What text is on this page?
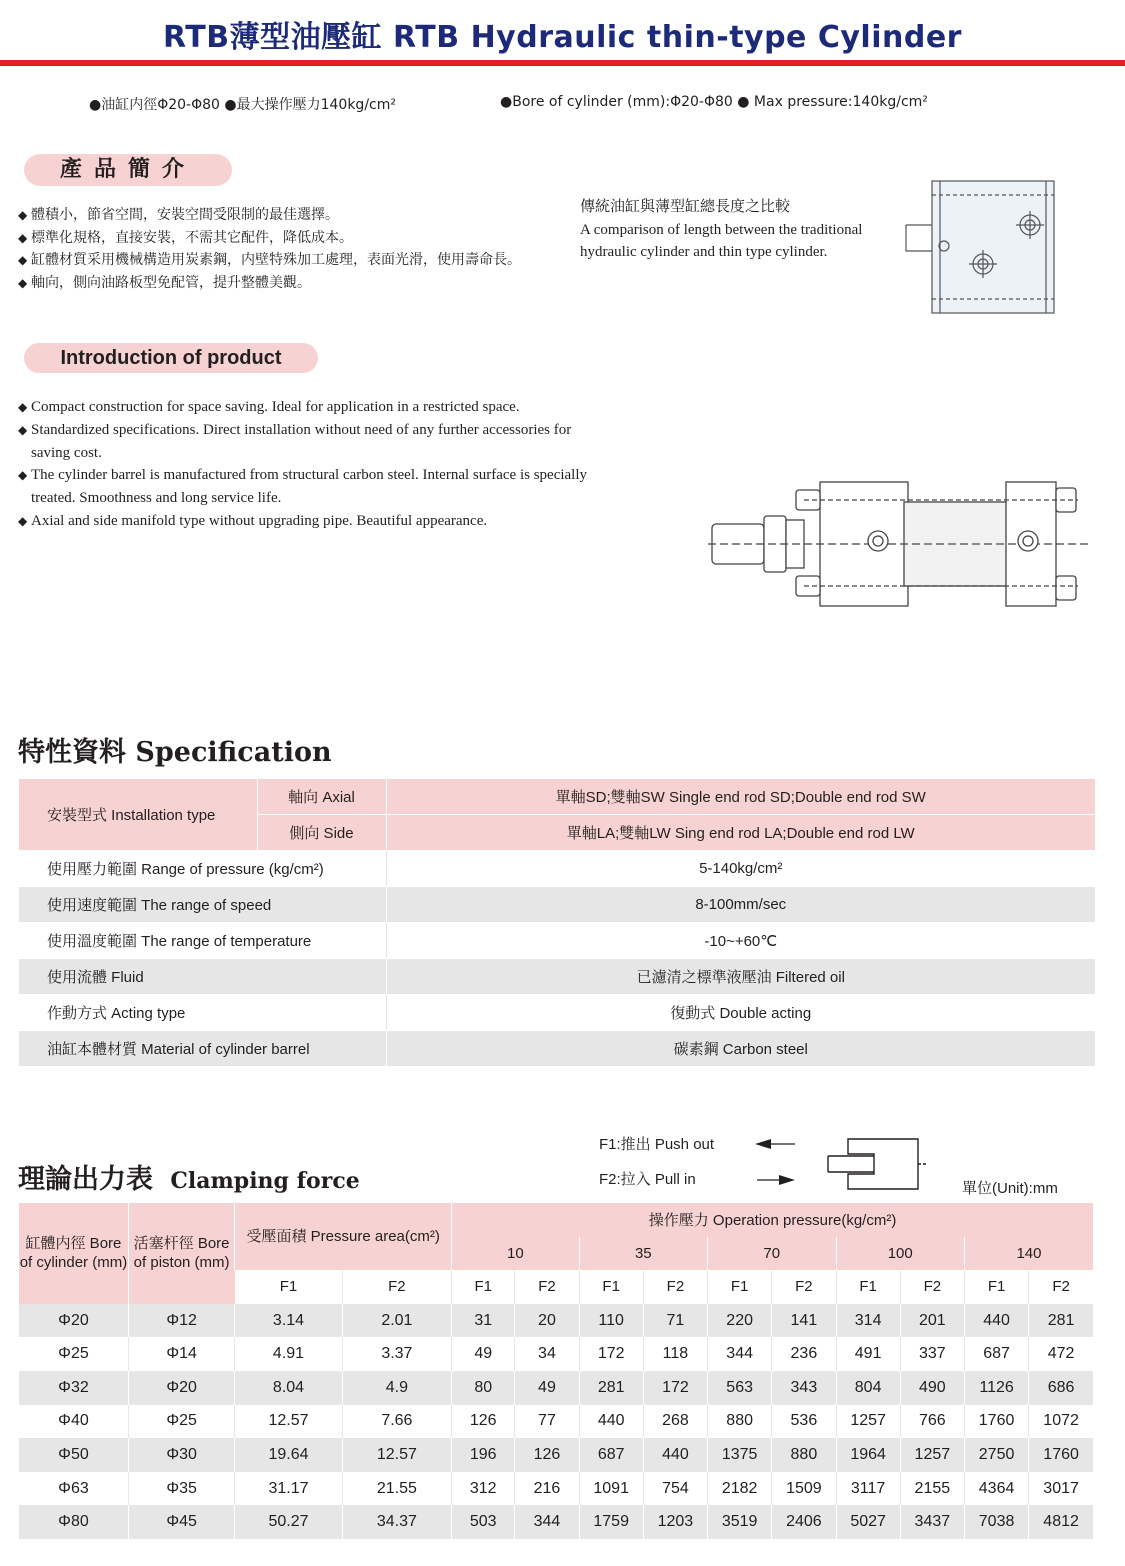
RTB薄型油壓缸 RTB Hydraulic thin-type Cylinder
●油缸内徑Φ20-Φ80 ●最大操作壓力140kg/cm²	●Bore of cylinder (mm):Φ20-Φ80 ● Max pressure:140kg/cm²
產品簡介
◆ 體積小，節省空間，安裝空間受限制的最佳選擇。
◆ 標準化規格，直接安裝，不需其它配件，降低成本。
◆ 缸體材質采用機械構造用炭素鋼，内壁特殊加工處理，表面光滑，使用壽命長。
◆ 軸向，側向油路板型免配管，提升整體美觀。
Introduction of product
◆ Compact construction for space saving. Ideal for application in a restricted space.
◆ Standardized specifications. Direct installation without need of any further accessories for saving cost.
◆ The cylinder barrel is manufactured from structural carbon steel. Internal surface is specially treated. Smoothness and long service life.
◆ Axial and side manifold type without upgrading pipe. Beautiful appearance.
傳統油缸與薄型缸總長度之比較
A comparison of length between the traditional hydraulic cylinder and thin type cylinder.
特性資料 Specification
安裝型式 Installation type	軸向 Axial	單軸SD;雙軸SW Single end rod SD;Double end rod SW
	側向 Side	單軸LA;雙軸LW Sing end rod LA;Double end rod LW
使用壓力範圍 Range of pressure (kg/cm²)		5-140kg/cm²
使用速度範圍 The range of speed		8-100mm/sec
使用溫度範圍 The range of temperature		-10~+60℃
使用流體 Fluid		已濾清之標準液壓油 Filtered oil
作動方式 Acting type		復動式 Double acting
油缸本體材質 Material of cylinder barrel		碳素鋼 Carbon steel
理論出力表 Clamping force
F1:推出 Push out
F2:拉入 Pull in
單位(Unit):mm
缸體内徑 Bore of cylinder (mm)	活塞杆徑 Bore of piston (mm)	受壓面積 Pressure area(cm²)		操作壓力 Operation pressure(kg/cm²)									
				10		35		70		100		140	
		F1	F2	F1	F2	F1	F2	F1	F2	F1	F2	F1	F2
Φ20	Φ12	3.14	2.01	31	20	110	71	220	141	314	201	440	281
Φ25	Φ14	4.91	3.37	49	34	172	118	344	236	491	337	687	472
Φ32	Φ20	8.04	4.9	80	49	281	172	563	343	804	490	1126	686
Φ40	Φ25	12.57	7.66	126	77	440	268	880	536	1257	766	1760	1072
Φ50	Φ30	19.64	12.57	196	126	687	440	1375	880	1964	1257	2750	1760
Φ63	Φ35	31.17	21.55	312	216	1091	754	2182	1509	3117	2155	4364	3017
Φ80	Φ45	50.27	34.37	503	344	1759	1203	3519	2406	5027	3437	7038	4812
